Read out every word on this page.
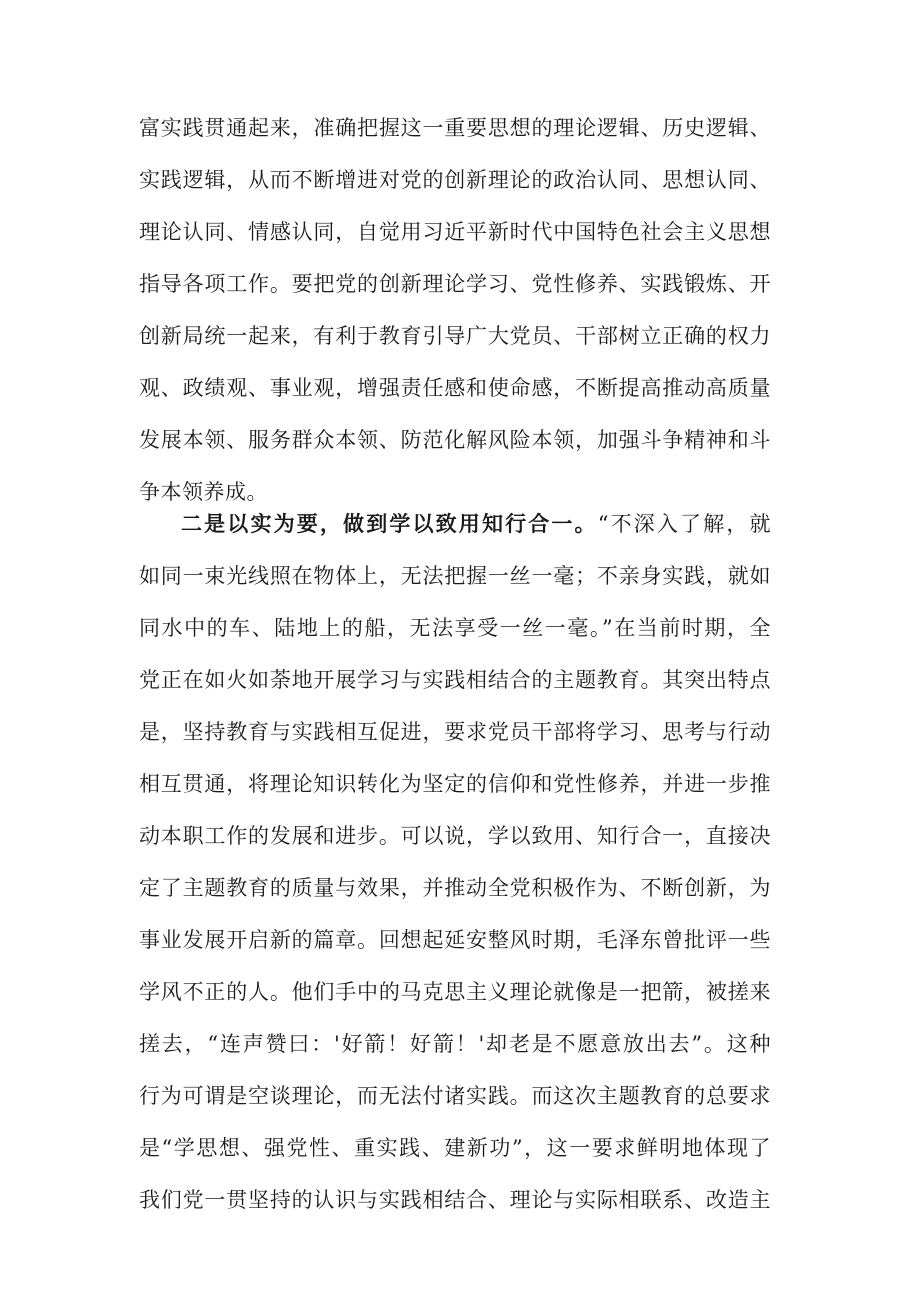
富实践贯通起来，准确把握这一重要思想的理论逻辑、历史逻辑、
实践逻辑，从而不断增进对党的创新理论的政治认同、思想认同、
理论认同、情感认同，自觉用习近平新时代中国特色社会主义思想
指导各项工作。要把党的创新理论学习、党性修养、实践锻炼、开
创新局统一起来，有利于教育引导广大党员、干部树立正确的权力
观、政绩观、事业观，增强责任感和使命感，不断提高推动高质量
发展本领、服务群众本领、防范化解风险本领，加强斗争精神和斗
争本领养成。
二是以实为要，做到学以致用知行合一。“不深入了解，就
如同一束光线照在物体上，无法把握一丝一毫；不亲身实践，就如
同水中的车、陆地上的船，无法享受一丝一毫。”在当前时期，全
党正在如火如荼地开展学习与实践相结合的主题教育。其突出特点
是，坚持教育与实践相互促进，要求党员干部将学习、思考与行动
相互贯通，将理论知识转化为坚定的信仰和党性修养，并进一步推
动本职工作的发展和进步。可以说，学以致用、知行合一，直接决
定了主题教育的质量与效果，并推动全党积极作为、不断创新，为
事业发展开启新的篇章。回想起延安整风时期，毛泽东曾批评一些
学风不正的人。他们手中的马克思主义理论就像是一把箭，被搓来
搓去，“连声赞曰：'好箭！好箭！'却老是不愿意放出去”。这种
行为可谓是空谈理论，而无法付诸实践。而这次主题教育的总要求
是“学思想、强党性、重实践、建新功”，这一要求鲜明地体现了
我们党一贯坚持的认识与实践相结合、理论与实际相联系、改造主
